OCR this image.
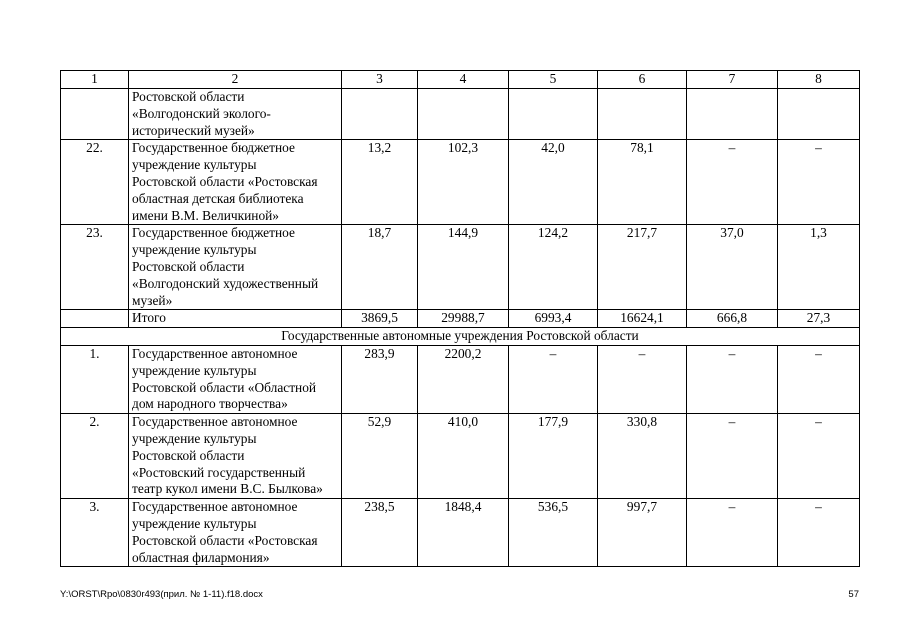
1	2	3	4	5	6	7	8

	Ростовской области
«Волгодонский эколого-
исторический музей»						

22.	Государственное бюджетное
учреждение культуры
Ростовской области «Ростовская
областная детская библиотека
имени В.М. Величкиной»	13,2	102,3	42,0	78,1	–	–
23.	Государственное бюджетное
учреждение культуры
Ростовской области
«Волгодонский художественный
музей»	18,7	144,9	124,2	217,7	37,0	1,3

	Итого	3869,5	29988,7	6993,4	16624,1	666,8	27,3
Государственные автономные учреждения Ростовской области							
1.	Государственное автономное
учреждение культуры
Ростовской области «Областной
дом народного творчества»	283,9	2200,2	–	–	–	–
2.	Государственное автономное
учреждение культуры
Ростовской области
«Ростовский государственный
театр кукол имени В.С. Былкова»	52,9	410,0	177,9	330,8	–	–
3.	Государственное автономное
учреждение культуры
Ростовской области «Ростовская
областная филармония»	238,5	1848,4	536,5	997,7	–	–
Y:\ORST\Rpo\0830r493(прил. № 1-11).f18.docx	57
